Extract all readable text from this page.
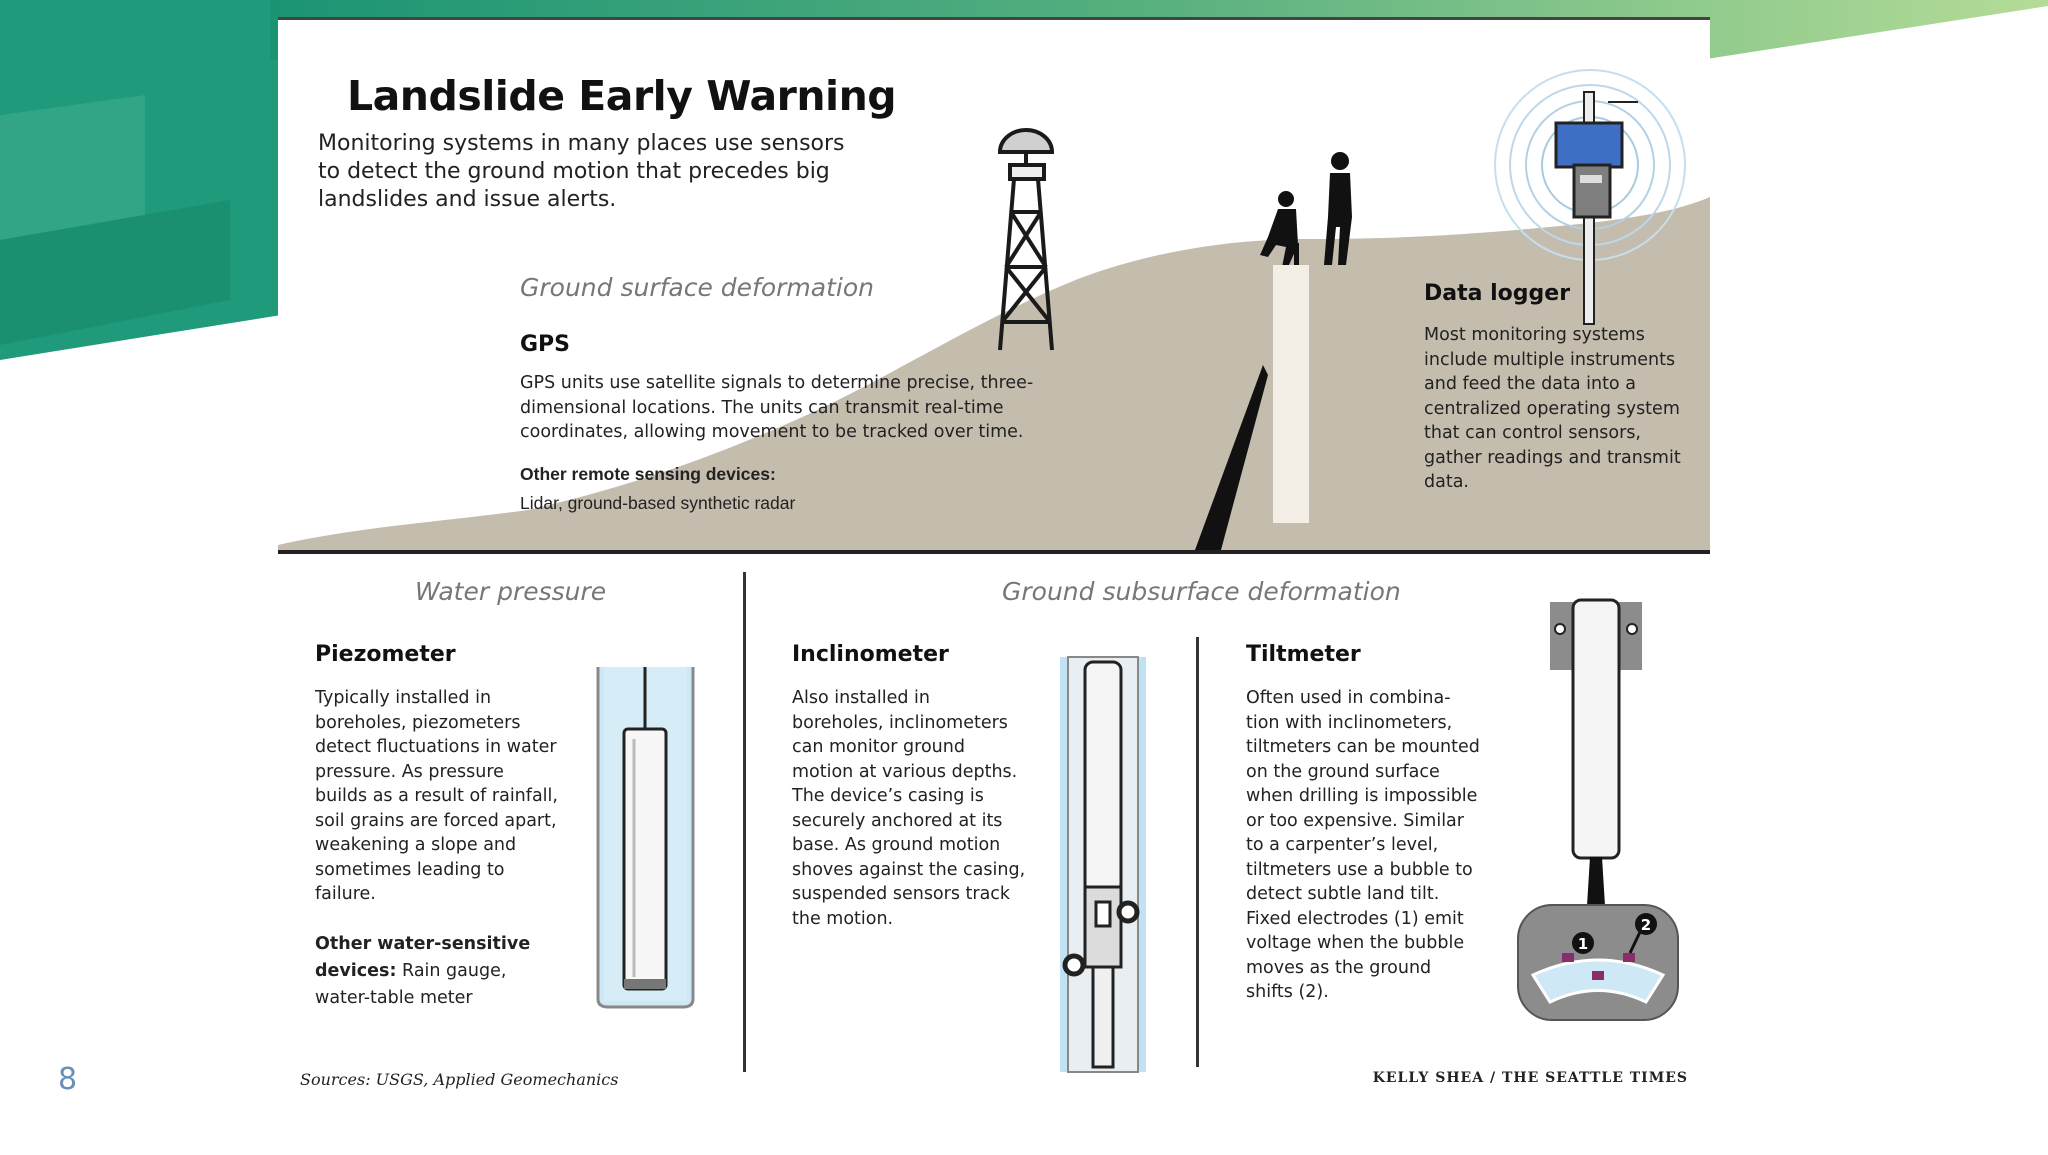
1
2
Landslide Early Warning
Monitoring systems in many places use sensors to detect the ground motion that precedes big landslides and issue alerts.
Ground surface deformation
GPS
GPS units use satellite signals to determine precise, three-dimensional locations. The units can transmit real-time coordinates, allowing movement to be tracked over time.
Other remote sensing devices:
Lidar, ground-based synthetic radar
Data logger
Most monitoring systems include multiple instruments and feed the data into a centralized operating system that can control sensors, gather readings and transmit data.
Water pressure	Ground subsurface deformation
Piezometer
Typically installed in boreholes, piezometers detect fluctuations in water pressure. As pressure builds as a result of rainfall, soil grains are forced apart, weakening a slope and sometimes leading to failure.
Other water-sensitive devices: Rain gauge, water-table meter
Inclinometer
Also installed in boreholes, inclinometers can monitor ground motion at various depths. The device’s casing is securely anchored at its base. As ground motion shoves against the casing, suspended sensors track the motion.
Tiltmeter
Often used in combina-tion with inclinometers, tiltmeters can be mounted on the ground surface when drilling is impossible or too expensive. Similar to a carpenter’s level, tiltmeters use a bubble to detect subtle land tilt. Fixed electrodes (1) emit voltage when the bubble moves as the ground shifts (2).
Sources: USGS, Applied Geomechanics	KELLY SHEA / THE SEATTLE TIMES
8
